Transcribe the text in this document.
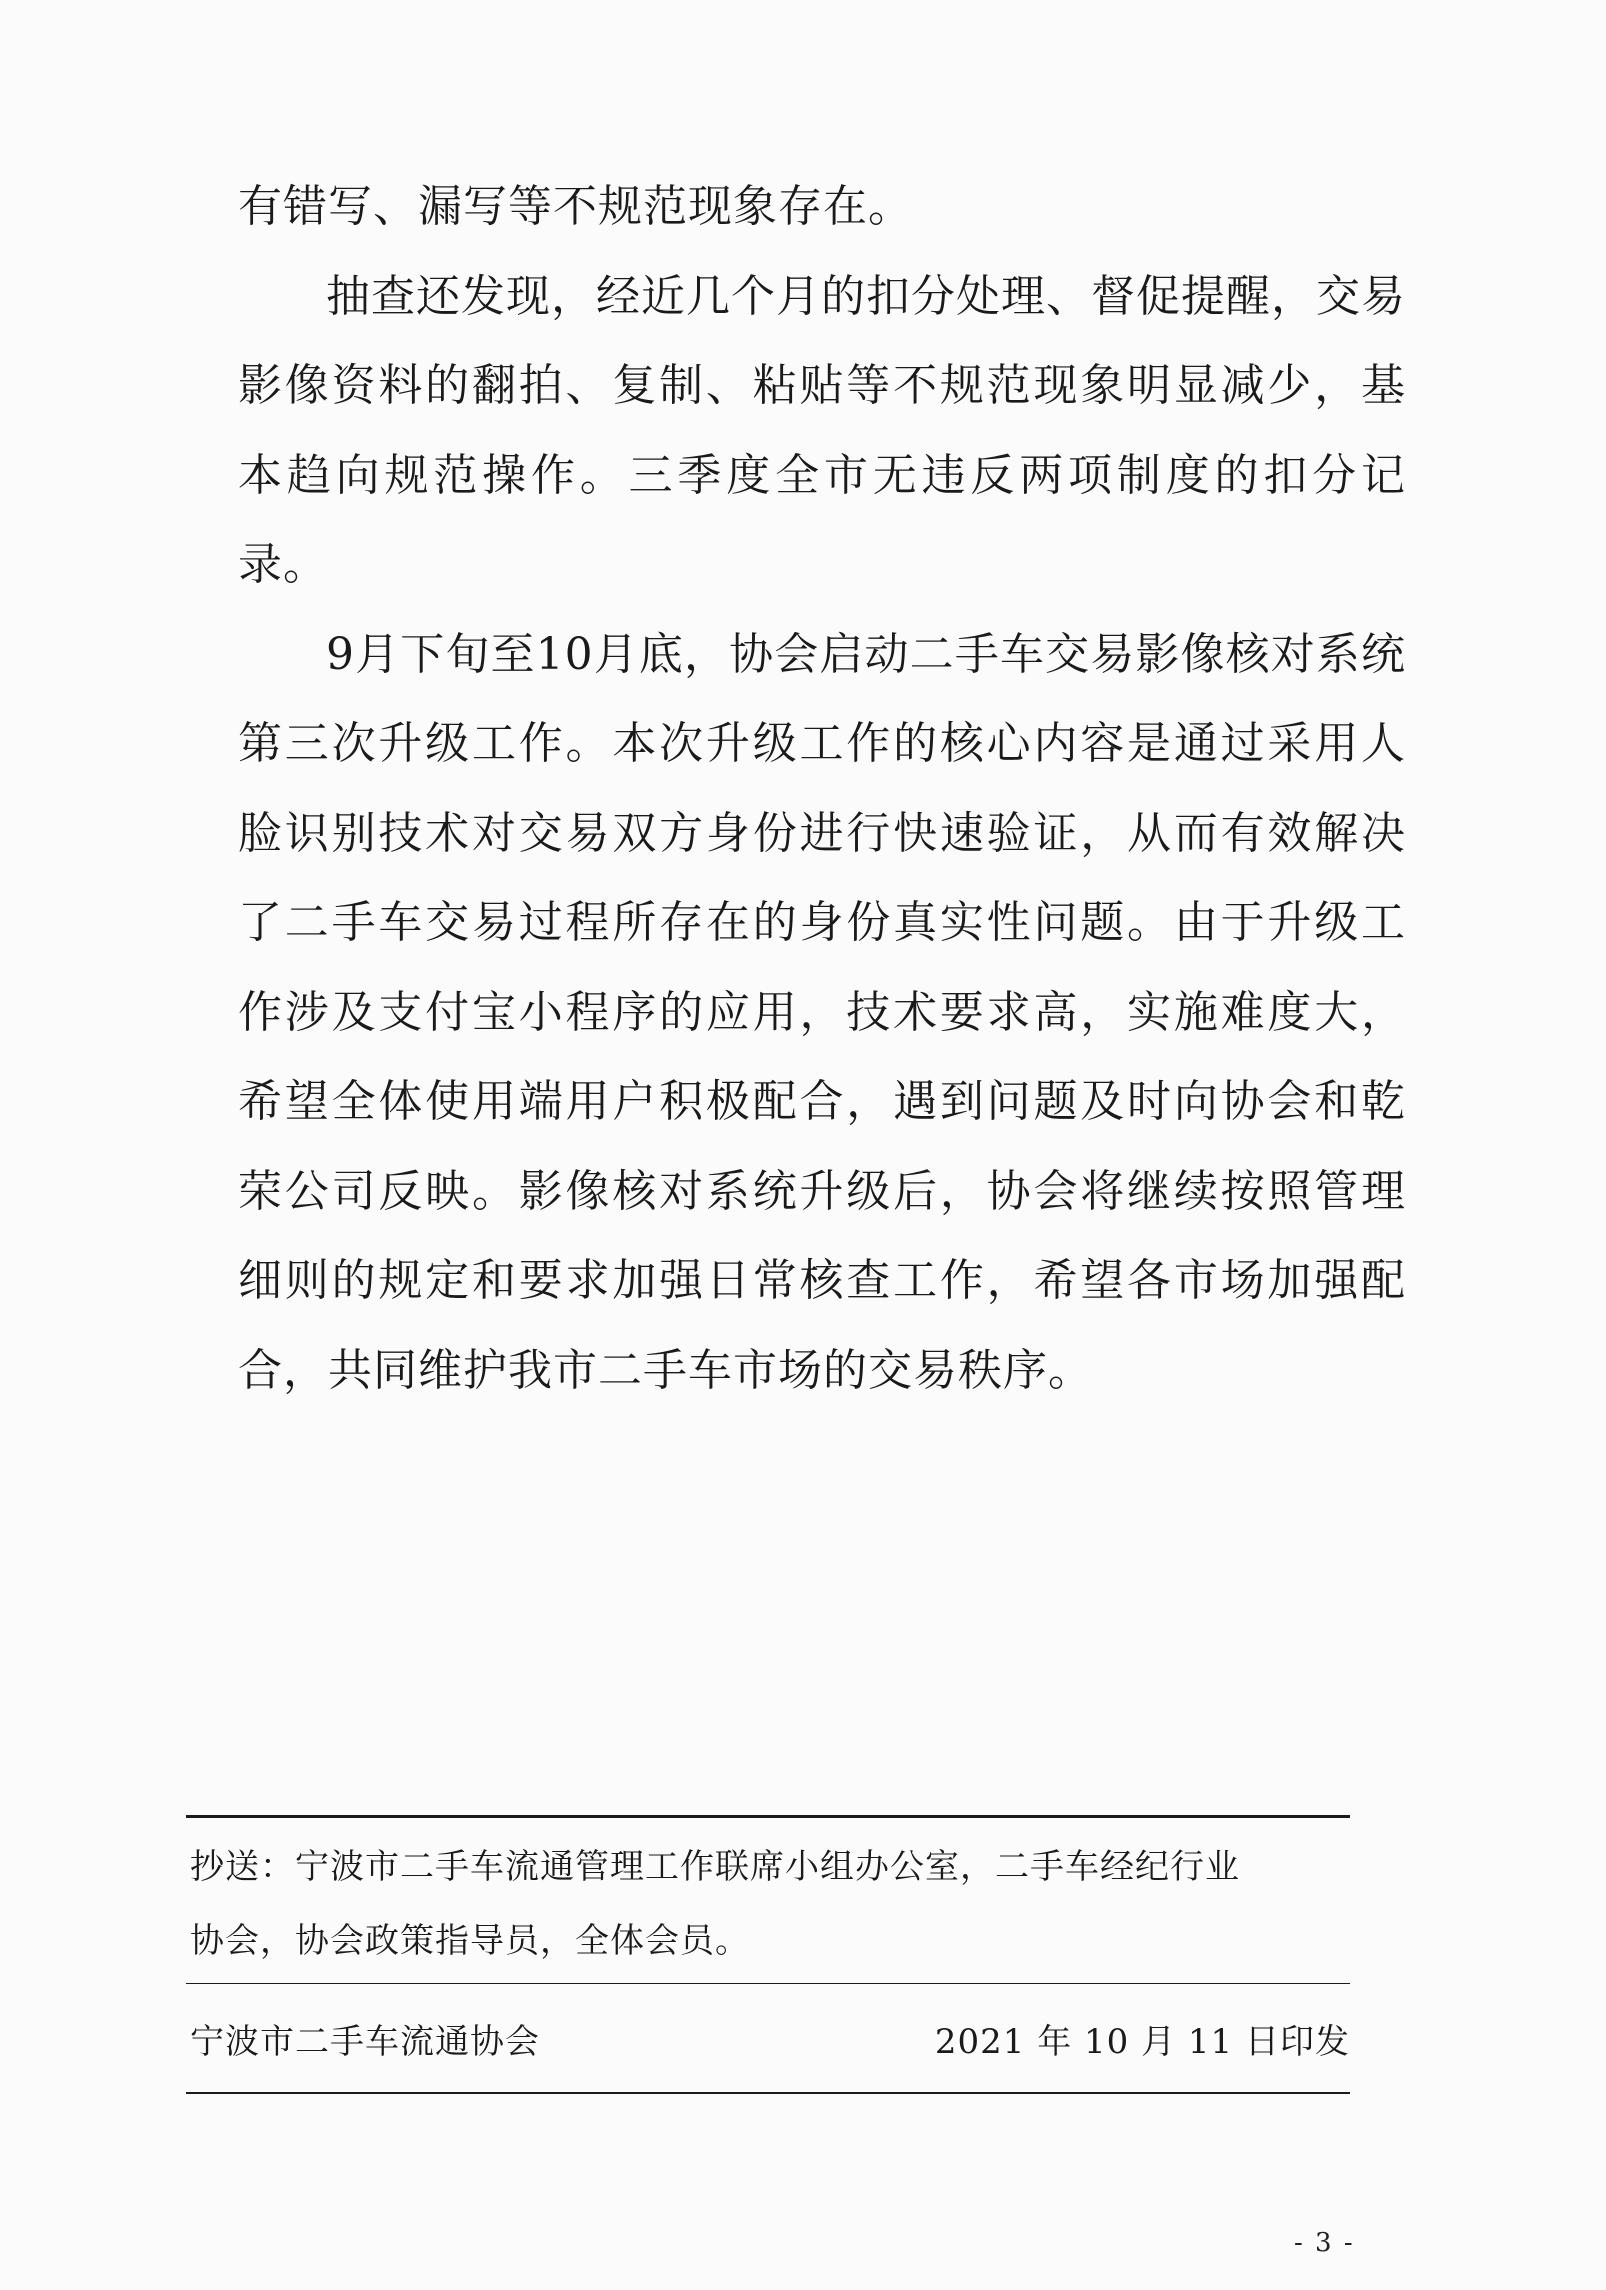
有错写、漏写等不规范现象存在。

抽查还发现，经近几个月的扣分处理、督促提醒，交易影像资料的翻拍、复制、粘贴等不规范现象明显减少，基本趋向规范操作。三季度全市无违反两项制度的扣分记录。

9月下旬至10月底，协会启动二手车交易影像核对系统第三次升级工作。本次升级工作的核心内容是通过采用人脸识别技术对交易双方身份进行快速验证，从而有效解决了二手车交易过程所存在的身份真实性问题。由于升级工作涉及支付宝小程序的应用，技术要求高，实施难度大，希望全体使用端用户积极配合，遇到问题及时向协会和乾荣公司反映。影像核对系统升级后，协会将继续按照管理细则的规定和要求加强日常核查工作，希望各市场加强配合，共同维护我市二手车市场的交易秩序。

抄送：宁波市二手车流通管理工作联席小组办公室，二手车经纪行业
协会，协会政策指导员，全体会员。
宁波市二手车流通协会	2021 年 10 月 11 日印发
- 3 -
